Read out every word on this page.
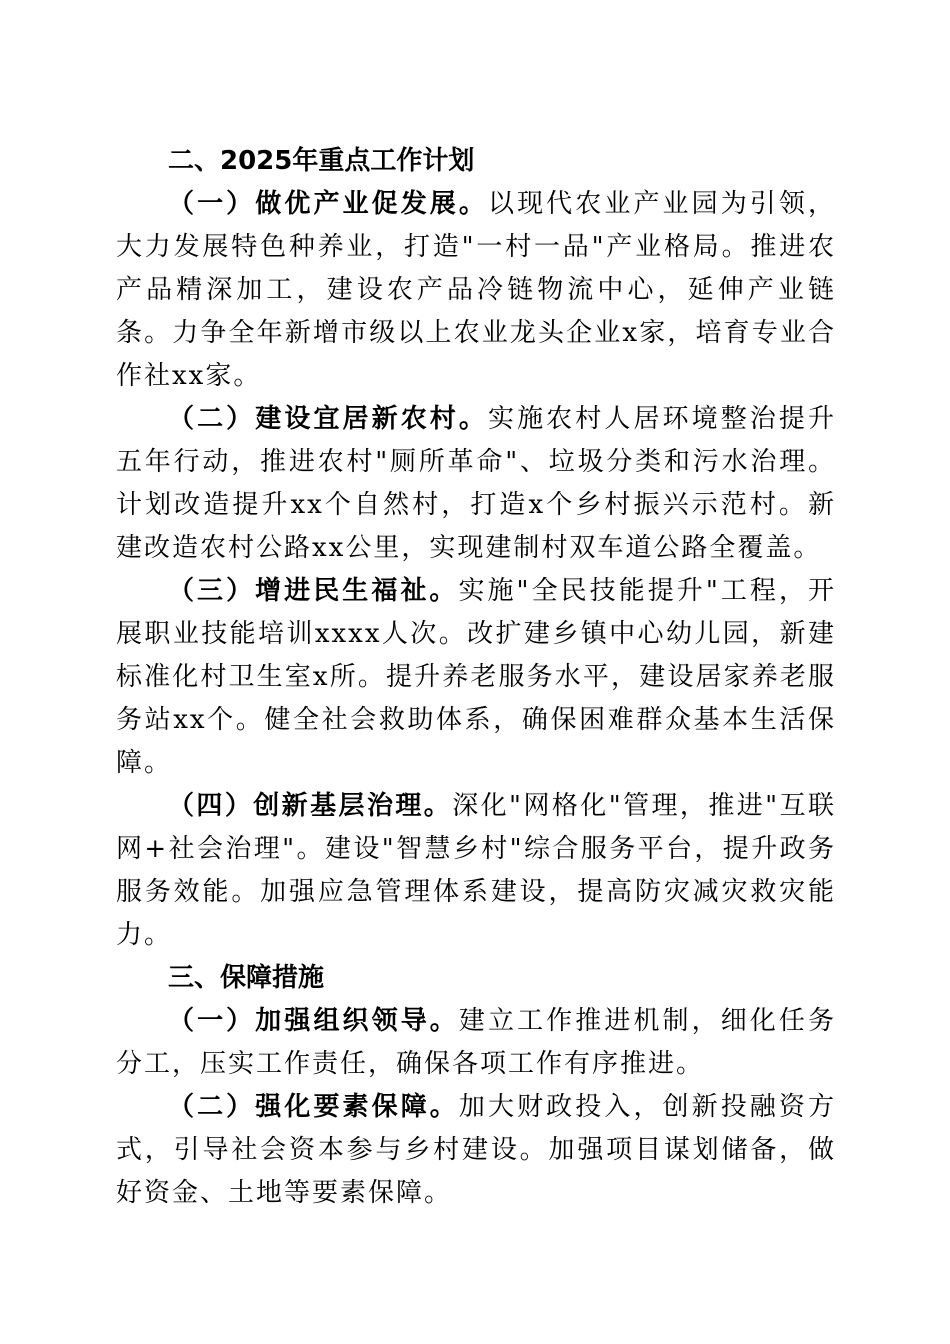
二、2025年重点工作计划

（一）做优产业促发展。以现代农业产业园为引领，大力发展特色种养业，打造"一村一品"产业格局。推进农产品精深加工，建设农产品冷链物流中心，延伸产业链条。力争全年新增市级以上农业龙头企业x家，培育专业合作社xx家。

（二）建设宜居新农村。实施农村人居环境整治提升五年行动，推进农村"厕所革命"、垃圾分类和污水治理。计划改造提升xx个自然村，打造x个乡村振兴示范村。新建改造农村公路xx公里，实现建制村双车道公路全覆盖。

（三）增进民生福祉。实施"全民技能提升"工程，开展职业技能培训xxxx人次。改扩建乡镇中心幼儿园，新建标准化村卫生室x所。提升养老服务水平，建设居家养老服务站xx个。健全社会救助体系，确保困难群众基本生活保障。

（四）创新基层治理。深化"网格化"管理，推进"互联网+社会治理"。建设"智慧乡村"综合服务平台，提升政务服务效能。加强应急管理体系建设，提高防灾减灾救灾能力。

三、保障措施

（一）加强组织领导。建立工作推进机制，细化任务分工，压实工作责任，确保各项工作有序推进。

（二）强化要素保障。加大财政投入，创新投融资方式，引导社会资本参与乡村建设。加强项目谋划储备，做好资金、土地等要素保障。
